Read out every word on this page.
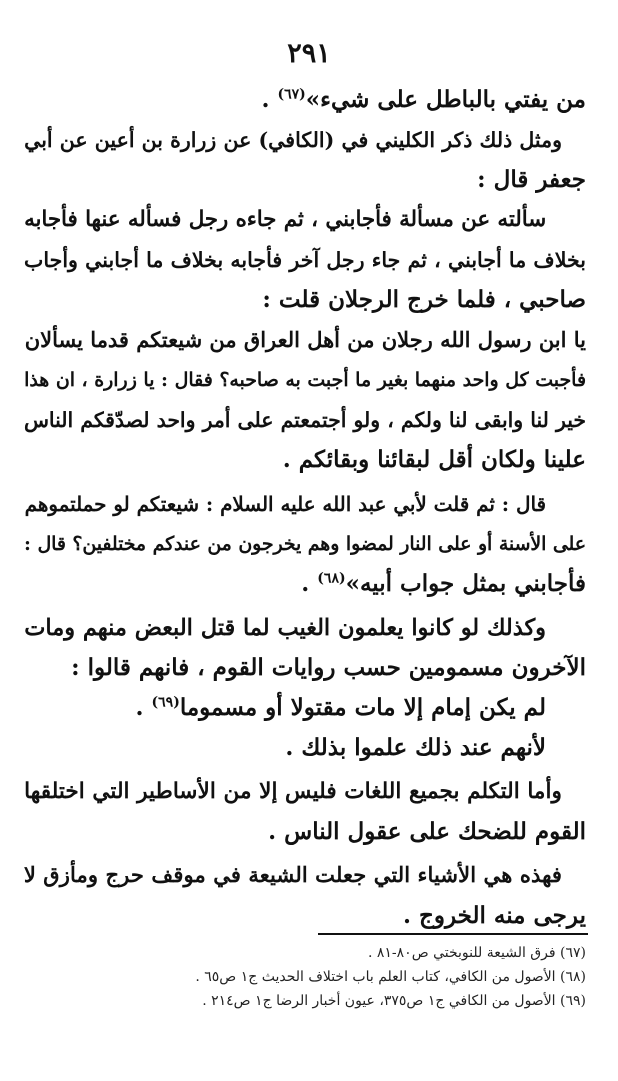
٢٩١
من يفتي بالباطل على شيء»$^{(٦٧)}$ .
ومثل ذلك ذكر الكليني في (الكافي) عن زرارة بن أعين عن أبي
جعفر قال :
سألته عن مسألة فأجابني ، ثم جاءه رجل فسأله عنها فأجابه
بخلاف ما أجابني ، ثم جاء رجل آخر فأجابه بخلاف ما أجابني وأجاب
صاحبي ، فلما خرج الرجلان قلت :
يا ابن رسول الله رجلان من أهل العراق من شيعتكم قدما يسألان
فأجبت كل واحد منهما بغير ما أجبت به صاحبه؟ فقال : يا زرارة ، ان هذا
خير لنا وابقى لنا ولكم ، ولو أجتمعتم على أمر واحد لصدّقكم الناس
علينا ولكان أقل لبقائنا وبقائكم .
قال : ثم قلت لأبي عبد الله عليه السلام : شيعتكم لو حملتموهم
على الأسنة أو على النار لمضوا وهم يخرجون من عندكم مختلفين؟ قال :
فأجابني بمثل جواب أبيه»$^{(٦٨)}$ .
وكذلك لو كانوا يعلمون الغيب لما قتل البعض منهم ومات
الآخرون مسمومين حسب روايات القوم ، فانهم قالوا :
لم يكن إمام إلا مات مقتولا أو مسموما$^{(٦٩)}$ .
لأنهم عند ذلك علموا بذلك .
وأما التكلم بجميع اللغات فليس إلا من الأساطير التي اختلقها
القوم للضحك على عقول الناس .
فهذه هي الأشياء التي جعلت الشيعة في موقف حرج ومأزق لا
يرجى منه الخروج .
(٦٧) فرق الشيعة للنوبختي ص٨٠-٨١ .
(٦٨) الأصول من الكافي، كتاب العلم باب اختلاف الحديث ج١ ص٦٥ .
(٦٩) الأصول من الكافي ج١ ص٣٧٥، عيون أخبار الرضا ج١ ص٢١٤ .
